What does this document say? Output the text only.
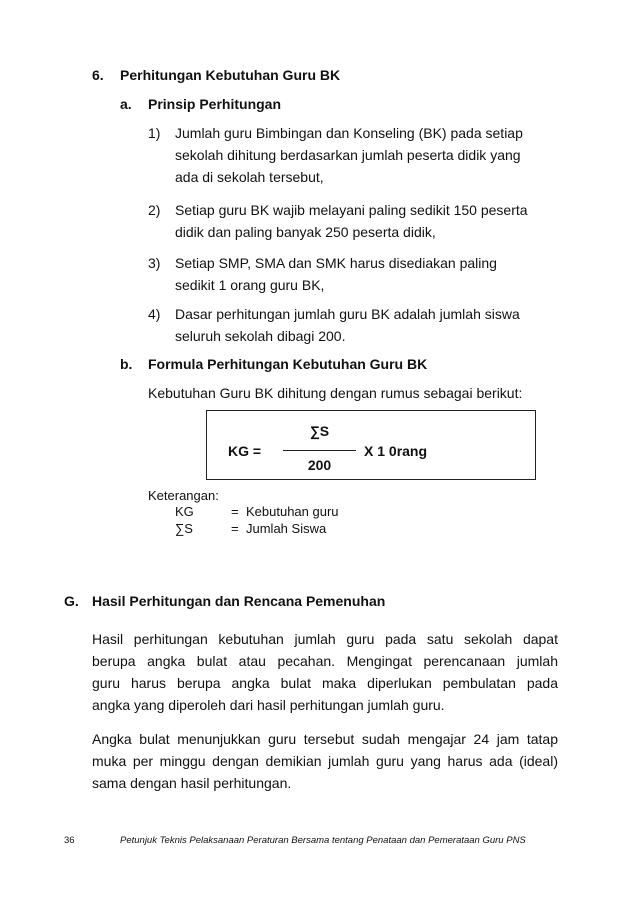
6. Perhitungan Kebutuhan Guru BK
a. Prinsip Perhitungan
1) Jumlah guru Bimbingan dan Konseling (BK) pada setiap
sekolah dihitung berdasarkan jumlah peserta didik yang
ada di sekolah tersebut,
2) Setiap guru BK wajib melayani paling sedikit 150 peserta
didik dan paling banyak 250 peserta didik,
3) Setiap SMP, SMA dan SMK harus disediakan paling
sedikit 1 orang guru BK,
4) Dasar perhitungan jumlah guru BK adalah jumlah siswa
seluruh sekolah dibagi 200.
b. Formula Perhitungan Kebutuhan Guru BK
Kebutuhan Guru BK dihitung dengan rumus sebagai berikut:
KG =
∑S
200
X 1 0rang
Keterangan:
KG	= Kebutuhan guru
∑S	= Jumlah Siswa
G. Hasil Perhitungan dan Rencana Pemenuhan
Hasil perhitungan kebutuhan jumlah guru pada satu sekolah dapat
berupa angka bulat atau pecahan. Mengingat perencanaan jumlah
guru harus berupa angka bulat maka diperlukan pembulatan pada
angka yang diperoleh dari hasil perhitungan jumlah guru.
Angka bulat menunjukkan guru tersebut sudah mengajar 24 jam tatap
muka per minggu dengan demikian jumlah guru yang harus ada (ideal)
sama dengan hasil perhitungan.
36	Petunjuk Teknis Pelaksanaan Peraturan Bersama tentang Penataan dan Pemerataan Guru PNS
